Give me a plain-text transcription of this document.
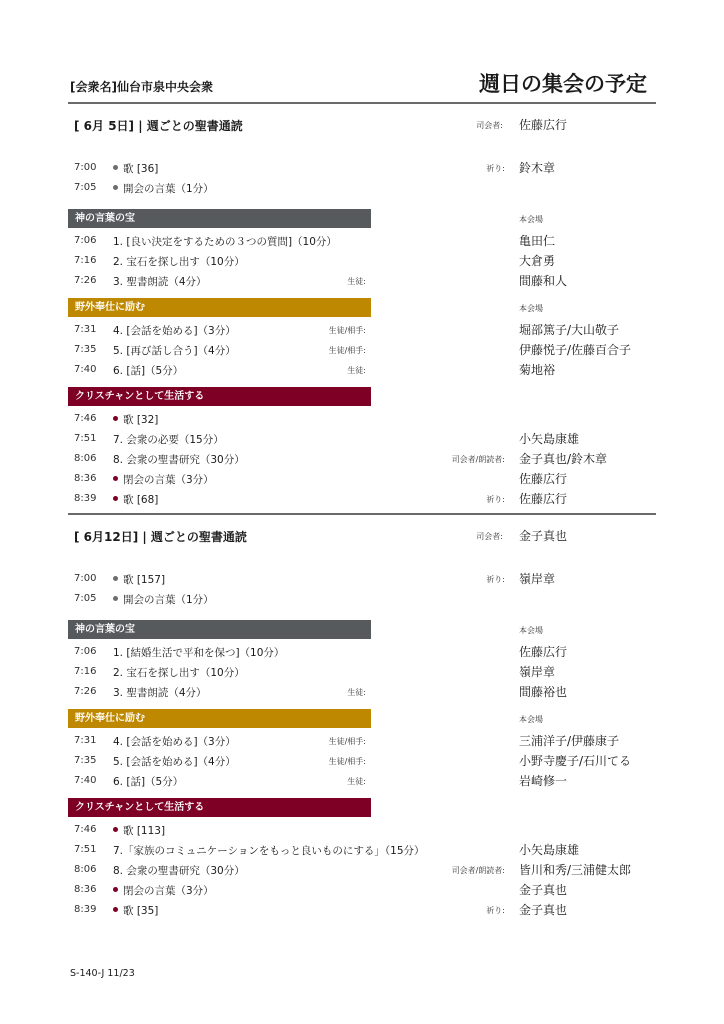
[会衆名]仙台市泉中央会衆	週日の集会の予定
[ 6月 5日] | 週ごとの聖書通読	司会者: 佐藤広行
7:00	歌 [36]	祈り: 鈴木章
7:05	開会の言葉（1分）
神の言葉の宝	本会場
7:06 1. [良い決定をするための３つの質問]（10分）	亀田仁
7:16 2. 宝石を探し出す（10分）	大倉勇
7:26 3. 聖書朗読（4分）	生徒:	間藤和人
野外奉仕に励む	本会場
7:31 4. [会話を始める]（3分）	生徒/相手:	堀部篤子/大山敬子
7:35 5. [再び話し合う]（4分）	生徒/相手:	伊藤悦子/佐藤百合子
7:40 6. [話]（5分）	生徒:	菊地裕
クリスチャンとして生活する
7:46	歌 [32]
7:51 7. 会衆の必要（15分）	小矢島康雄
8:06 8. 会衆の聖書研究（30分）	司会者/朗読者: 金子真也/鈴木章
8:36	閉会の言葉（3分）	佐藤広行
8:39	歌 [68]	祈り: 佐藤広行
[ 6月12日] | 週ごとの聖書通読	司会者: 金子真也
7:00	歌 [157]	祈り: 嶺岸章
7:05	開会の言葉（1分）
神の言葉の宝	本会場
7:06 1. [結婚生活で平和を保つ]（10分）	佐藤広行
7:16 2. 宝石を探し出す（10分）	嶺岸章
7:26 3. 聖書朗読（4分）	生徒:	間藤裕也
野外奉仕に励む	本会場
7:31 4. [会話を始める]（3分）	生徒/相手:	三浦洋子/伊藤康子
7:35 5. [会話を始める]（4分）	生徒/相手:	小野寺慶子/石川てる
7:40 6. [話]（5分）	生徒:	岩崎修一
クリスチャンとして生活する
7:46	歌 [113]
7:51 7.「家族のコミュニケーションをもっと良いものにする」（15分）	小矢島康雄
8:06 8. 会衆の聖書研究（30分）	司会者/朗読者: 皆川和秀/三浦健太郎
8:36	閉会の言葉（3分）	金子真也
8:39	歌 [35]	祈り: 金子真也
S-140-J 11/23
